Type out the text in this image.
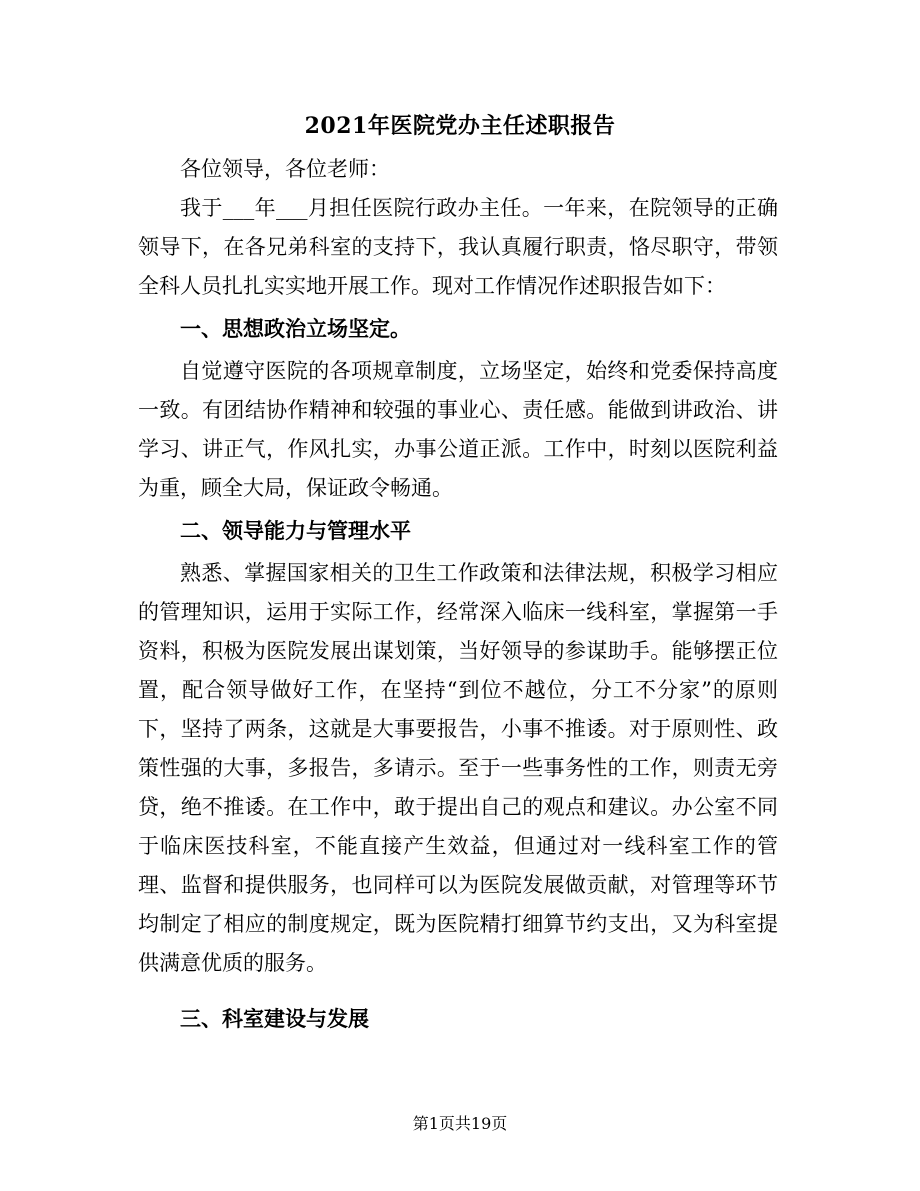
2021年医院党办主任述职报告

各位领导，各位老师：

我于___年___月担任医院行政办主任。一年来，在院领导的正确领导下，在各兄弟科室的支持下，我认真履行职责，恪尽职守，带领全科人员扎扎实实地开展工作。现对工作情况作述职报告如下：

一、思想政治立场坚定。

自觉遵守医院的各项规章制度，立场坚定，始终和党委保持高度一致。有团结协作精神和较强的事业心、责任感。能做到讲政治、讲学习、讲正气，作风扎实，办事公道正派。工作中，时刻以医院利益为重，顾全大局，保证政令畅通。

二、领导能力与管理水平

熟悉、掌握国家相关的卫生工作政策和法律法规，积极学习相应的管理知识，运用于实际工作，经常深入临床一线科室，掌握第一手资料，积极为医院发展出谋划策，当好领导的参谋助手。能够摆正位置，配合领导做好工作，在坚持“到位不越位，分工不分家”的原则下，坚持了两条，这就是大事要报告，小事不推诿。对于原则性、政策性强的大事，多报告，多请示。至于一些事务性的工作，则责无旁贷，绝不推诿。在工作中，敢于提出自己的观点和建议。办公室不同于临床医技科室，不能直接产生效益，但通过对一线科室工作的管理、监督和提供服务，也同样可以为医院发展做贡献，对管理等环节均制定了相应的制度规定，既为医院精打细算节约支出，又为科室提供满意优质的服务。

三、科室建设与发展

第1页共19页
